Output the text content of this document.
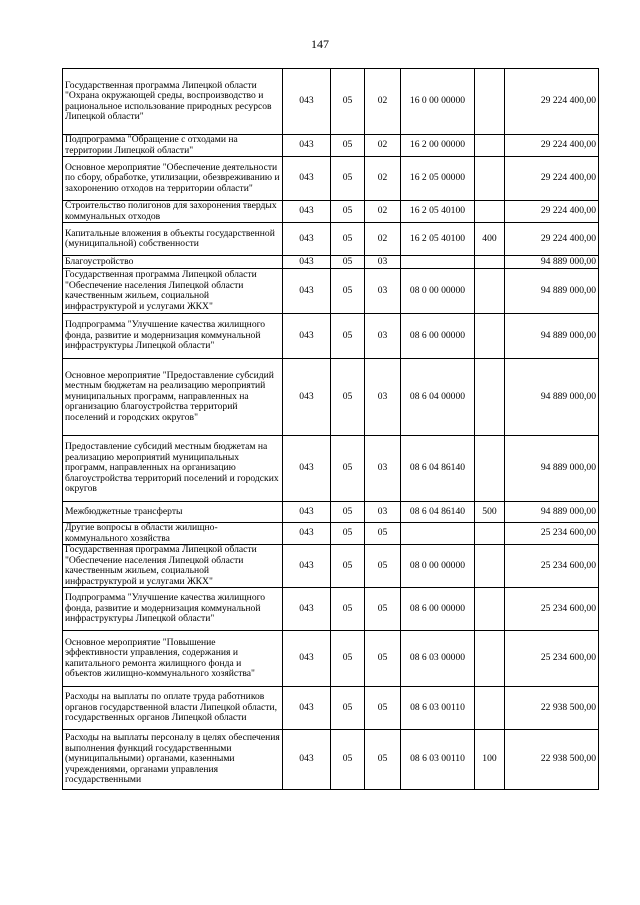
147
Государственная программа Липецкой области "Охрана окружающей среды, воспроизводство и рациональное использование природных ресурсов Липецкой области"	043	05	02	16 0 00 00000		29 224 400,00
Подпрограмма "Обращение с отходами на территории Липецкой области"	043	05	02	16 2 00 00000		29 224 400,00
Основное мероприятие "Обеспечение деятельности по сбору, обработке, утилизации, обезвреживанию и захоронению отходов на территории области"	043	05	02	16 2 05 00000		29 224 400,00
Строительство полигонов для захоронения твердых коммунальных отходов	043	05	02	16 2 05 40100		29 224 400,00
Капитальные вложения в объекты государственной (муниципальной) собственности	043	05	02	16 2 05 40100	400	29 224 400,00
Благоустройство	043	05	03			94 889 000,00
Государственная программа Липецкой области "Обеспечение населения Липецкой области качественным жильем, социальной инфраструктурой и услугами ЖКХ"	043	05	03	08 0 00 00000		94 889 000,00
Подпрограмма "Улучшение качества жилищного фонда, развитие и модернизация коммунальной инфраструктуры Липецкой области"	043	05	03	08 6 00 00000		94 889 000,00
Основное мероприятие "Предоставление субсидий местным бюджетам на реализацию мероприятий муниципальных программ, направленных на организацию благоустройства территорий поселений и городских округов"	043	05	03	08 6 04 00000		94 889 000,00
Предоставление субсидий местным бюджетам на реализацию мероприятий муниципальных программ, направленных на организацию благоустройства территорий поселений и городских округов	043	05	03	08 6 04 86140		94 889 000,00
Межбюджетные трансферты	043	05	03	08 6 04 86140	500	94 889 000,00
Другие вопросы в области жилищно-коммунального хозяйства	043	05	05			25 234 600,00
Государственная программа Липецкой области "Обеспечение населения Липецкой области качественным жильем, социальной инфраструктурой и услугами ЖКХ"	043	05	05	08 0 00 00000		25 234 600,00
Подпрограмма "Улучшение качества жилищного фонда, развитие и модернизация коммунальной инфраструктуры Липецкой области"	043	05	05	08 6 00 00000		25 234 600,00
Основное мероприятие "Повышение эффективности управления, содержания и капитального ремонта жилищного фонда и объектов жилищно-коммунального хозяйства"	043	05	05	08 6 03 00000		25 234 600,00
Расходы на выплаты по оплате труда работников органов государственной власти Липецкой области, государственных органов Липецкой области	043	05	05	08 6 03 00110		22 938 500,00
Расходы на выплаты персоналу в целях обеспечения выполнения функций государственными (муниципальными) органами, казенными учреждениями, органами управления государственными	043	05	05	08 6 03 00110	100	22 938 500,00
